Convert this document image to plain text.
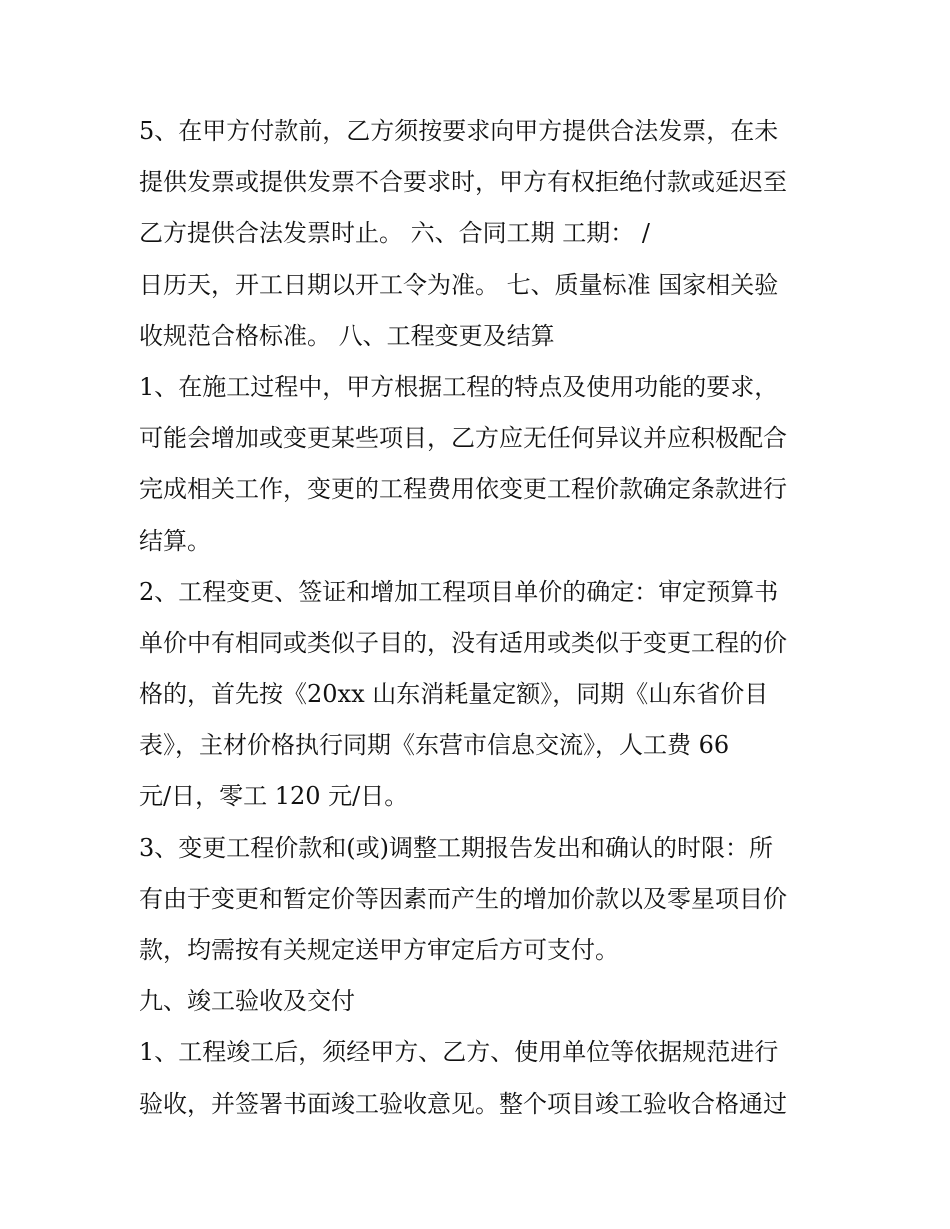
5、在甲方付款前，乙方须按要求向甲方提供合法发票，在未
提供发票或提供发票不合要求时，甲方有权拒绝付款或延迟至
乙方提供合法发票时止。 六、合同工期 工期： /
日历天，开工日期以开工令为准。 七、质量标准 国家相关验
收规范合格标准。 八、工程变更及结算
1、在施工过程中，甲方根据工程的特点及使用功能的要求，
可能会增加或变更某些项目，乙方应无任何异议并应积极配合
完成相关工作，变更的工程费用依变更工程价款确定条款进行
结算。
2、工程变更、签证和增加工程项目单价的确定：审定预算书
单价中有相同或类似子目的，没有适用或类似于变更工程的价
格的，首先按《20xx 山东消耗量定额》，同期《山东省价目
表》，主材价格执行同期《东营市信息交流》，人工费 66
元/日，零工 120 元/日。
3、变更工程价款和(或)调整工期报告发出和确认的时限：所
有由于变更和暂定价等因素而产生的增加价款以及零星项目价
款，均需按有关规定送甲方审定后方可支付。
九、竣工验收及交付
1、工程竣工后，须经甲方、乙方、使用单位等依据规范进行
验收，并签署书面竣工验收意见。整个项目竣工验收合格通过
